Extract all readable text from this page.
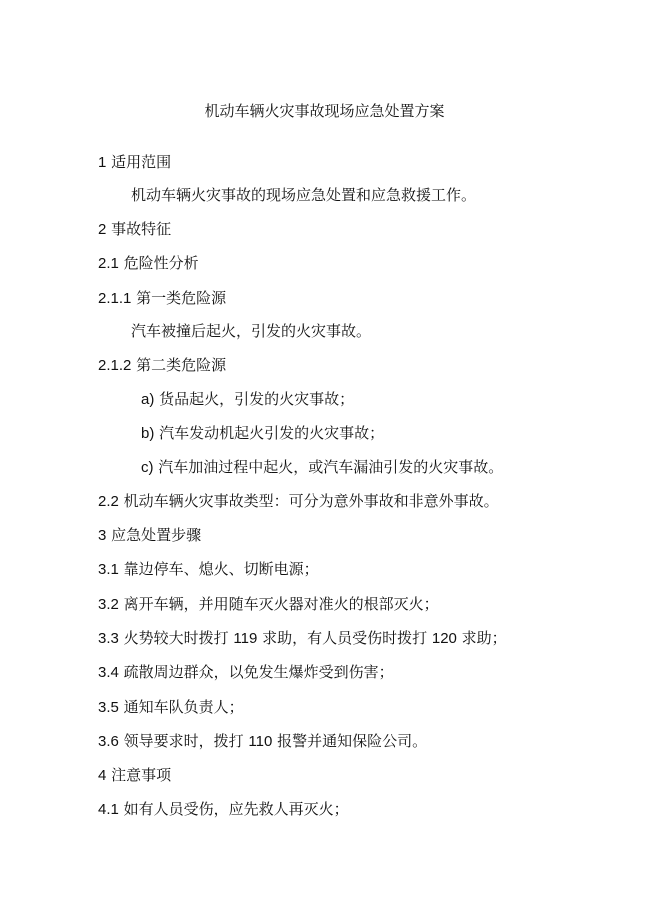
机动车辆火灾事故现场应急处置方案
1 适用范围
机动车辆火灾事故的现场应急处置和应急救援工作。
2 事故特征
2.1 危险性分析
2.1.1 第一类危险源
汽车被撞后起火，引发的火灾事故。
2.1.2 第二类危险源
a) 货品起火，引发的火灾事故；
b) 汽车发动机起火引发的火灾事故；
c) 汽车加油过程中起火，或汽车漏油引发的火灾事故。
2.2 机动车辆火灾事故类型：可分为意外事故和非意外事故。
3 应急处置步骤
3.1 靠边停车、熄火、切断电源；
3.2 离开车辆，并用随车灭火器对准火的根部灭火；
3.3 火势较大时拨打 119 求助，有人员受伤时拨打 120 求助；
3.4 疏散周边群众，以免发生爆炸受到伤害；
3.5 通知车队负责人；
3.6 领导要求时，拨打 110 报警并通知保险公司。
4 注意事项
4.1 如有人员受伤，应先救人再灭火；
